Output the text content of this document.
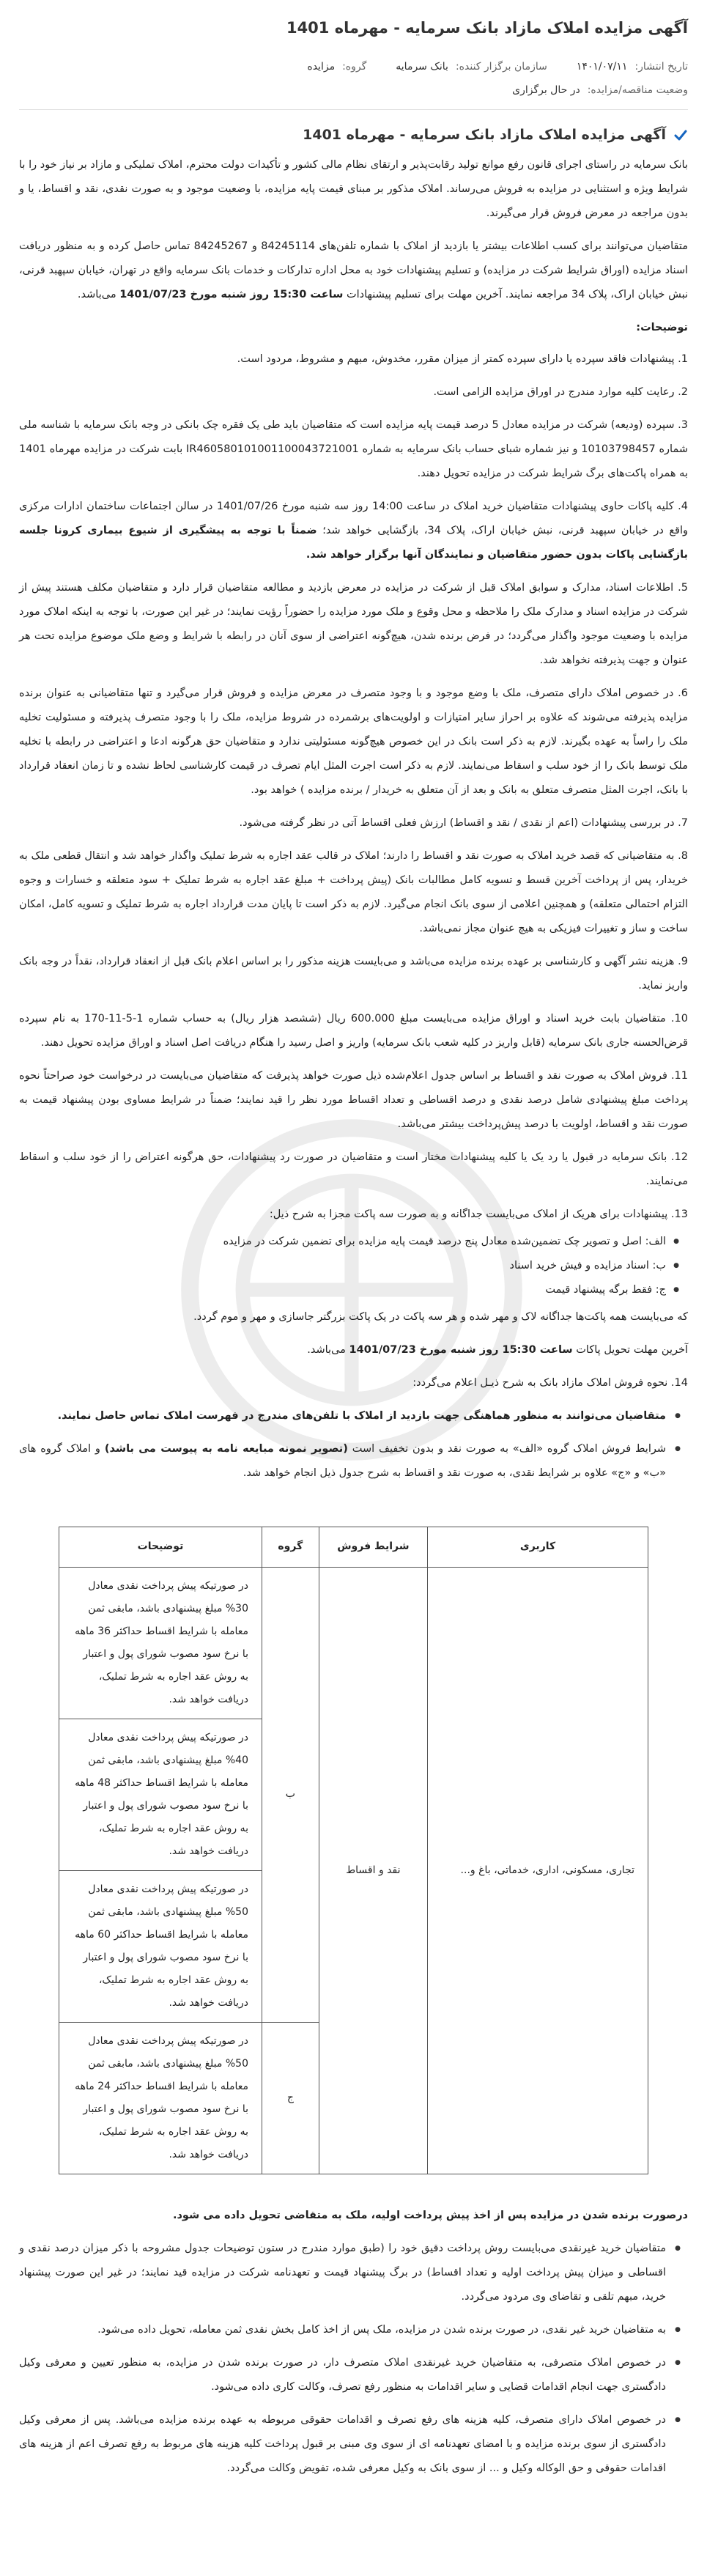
آگهی مزایده املاک مازاد بانک سرمایه - مهرماه 1401
تاریخ انتشار:
۱۴۰۱/۰۷/۱۱
سازمان برگزار کننده:
بانک سرمایه
گروه:
مزایده
وضعیت مناقصه/مزایده:
در حال برگزاری
آگهی مزایده املاک مازاد بانک سرمایه - مهرماه 1401

بانک سرمایه در راستای اجرای قانون رفع موانع تولید رقابت‌پذیر و ارتقای نظام مالی کشور و تأکیدات دولت محترم، املاک تملیکی و مازاد بر نیاز خود را با شرایط ویژه و استثنایی در مزایده به فروش می‌رساند. املاک مذکور بر مبنای قیمت پایه مزایده، با وضعیت موجود و به صورت نقدی، نقد و اقساط، یا و بدون مراجعه در معرض فروش قرار می‌گیرند.

متقاضیان می‌توانند برای کسب اطلاعات بیشتر یا بازدید از املاک با شماره تلفن‌های 84245114 و 84245267 تماس حاصل کرده و به منظور دریافت اسناد مزایده (اوراق شرایط شرکت در مزایده) و تسلیم پیشنهادات خود به محل اداره تدارکات و خدمات بانک سرمایه واقع در تهران، خیابان سپهبد قرنی، نبش خیابان اراک، پلاک 34 مراجعه نمایند. آخرین مهلت برای تسلیم پیشنهادات ساعت 15:30 روز شنبه مورخ 1401/07/23 می‌باشد.

توضیحات:

1. پیشنهادات فاقد سپرده یا دارای سپرده کمتر از میزان مقرر، مخدوش، مبهم و مشروط، مردود است.

2. رعایت کلیه موارد مندرج در اوراق مزایده الزامی است.

3. سپرده (ودیعه) شرکت در مزایده معادل 5 درصد قیمت پایه مزایده است که متقاضیان باید طی یک فقره چک بانکی در وجه بانک سرمایه با شناسه ملی شماره 10103798457 و نیز شماره شبای حساب بانک سرمایه به شماره IR460580101001100043721001 بابت شرکت در مزایده مهرماه 1401 به همراه پاکت‌های برگ شرایط شرکت در مزایده تحویل دهند.

4. کلیه پاکات حاوی پیشنهادات متقاضیان خرید املاک در ساعت 14:00 روز سه شنبه مورخ 1401/07/26 در سالن اجتماعات ساختمان ادارات مرکزی واقع در خیابان سپهبد قرنی، نبش خیابان اراک، پلاک 34، بازگشایی خواهد شد؛ ضمناً با توجه به پیشگیری از شیوع بیماری کرونا جلسه بازگشایی پاکات بدون حضور متقاضیان و نمایندگان آنها برگزار خواهد شد.

5. اطلاعات اسناد، مدارک و سوابق املاک قبل از شرکت در مزایده در معرض بازدید و مطالعه متقاضیان قرار دارد و متقاضیان مکلف هستند پیش از شرکت در مزایده اسناد و مدارک ملک را ملاحظه و محل وقوع و ملک مورد مزایده را حضوراً رؤیت نمایند؛ در غیر این صورت، با توجه به اینکه املاک مورد مزایده با وضعیت موجود واگذار می‌گردد؛ در فرض برنده شدن، هیچ‌گونه اعتراضی از سوی آنان در رابطه با شرایط و وضع ملک موضوع مزایده تحت هر عنوان و جهت پذیرفته نخواهد شد.

6. در خصوص املاک دارای متصرف، ملک با وضع موجود و با وجود متصرف در معرض مزایده و فروش قرار می‌گیرد و تنها متقاضیانی به عنوان برنده مزایده پذیرفته می‌شوند که علاوه بر احراز سایر امتیازات و اولویت‌های برشمرده در شروط مزایده، ملک را با وجود متصرف پذیرفته و مسئولیت تخلیه ملک را راساً به عهده بگیرند. لازم به ذکر است بانک در این خصوص هیچ‌گونه مسئولیتی ندارد و متقاضیان حق هرگونه ادعا و اعتراضی در رابطه با تخلیه ملک توسط بانک را از خود سلب و اسقاط می‌نمایند. لازم به ذکر است اجرت المثل ایام تصرف در قیمت کارشناسی لحاظ نشده و تا زمان انعقاد قرارداد با بانک، اجرت المثل متصرف متعلق به بانک و بعد از آن متعلق به خریدار / برنده مزایده ) خواهد بود.

7. در بررسی پیشنهادات (اعم از نقدی / نقد و اقساط) ارزش فعلی اقساط آتی در نظر گرفته می‌شود.

8. به متقاضیانی که قصد خرید املاک به صورت نقد و اقساط را دارند؛ املاک در قالب عقد اجاره به شرط تملیک واگذار خواهد شد و انتقال قطعی ملک به خریدار، پس از پرداخت آخرین قسط و تسویه کامل مطالبات بانک (پیش پرداخت + مبلغ عقد اجاره به شرط تملیک + سود متعلقه و خسارات و وجوه التزام احتمالی متعلقه) و همچنین اعلامی از سوی بانک انجام می‌گیرد. لازم به ذکر است تا پایان مدت قرارداد اجاره به شرط تملیک و تسویه کامل، امکان ساخت و ساز و تغییرات فیزیکی به هیچ عنوان مجاز نمی‌باشد.

9. هزینه نشر آگهی و کارشناسی بر عهده برنده مزایده می‌باشد و می‌بایست هزینه مذکور را بر اساس اعلام بانک قبل از انعقاد قرارداد، نقداً در وجه بانک واریز نماید.

10. متقاضیان بابت خرید اسناد و اوراق مزایده می‌بایست مبلغ 600.000 ریال (ششصد هزار ریال) به حساب شماره 1-5-11-170 به نام سپرده قرض‌الحسنه جاری بانک سرمایه (قابل واریز در کلیه شعب بانک سرمایه) واریز و اصل رسید را هنگام دریافت اصل اسناد و اوراق مزایده تحویل دهند.

11. فروش املاک به صورت نقد و اقساط بر اساس جدول اعلام‌شده ذیل صورت خواهد پذیرفت که متقاضیان می‌بایست در درخواست خود صراحتاً نحوه پرداخت مبلغ پیشنهادی شامل درصد نقدی و درصد اقساطی و تعداد اقساط مورد نظر را قید نمایند؛ ضمناً در شرایط مساوی بودن پیشنهاد قیمت به صورت نقد و اقساط، اولویت با درصد پیش‌پرداخت بیشتر می‌باشد.

12. بانک سرمایه در قبول یا رد یک یا کلیه پیشنهادات مختار است و متقاضیان در صورت رد پیشنهادات، حق هرگونه اعتراض را از خود سلب و اسقاط می‌نمایند.

13. پیشنهادات برای هریک از املاک می‌بایست جداگانه و به صورت سه پاکت مجزا به شرح ذیل:

● الف: اصل و تصویر چک تضمین‌شده معادل پنج درصد قیمت پایه مزایده برای تضمین شرکت در مزایده
● ب: اسناد مزایده و فیش خرید اسناد
● ج: فقط برگه پیشنهاد قیمت

که می‌بایست همه پاکت‌ها جداگانه لاک و مهر شده و هر سه پاکت در یک پاکت بزرگتر جاسازی و مهر و موم گردد.

آخرین مهلت تحویل پاکات ساعت 15:30 روز شنبه مورخ 1401/07/23 می‌باشد.

14. نحوه فروش املاک مازاد بانک به شرح ذیـل اعلام می‌گردد:

● متقاضیان می‌توانند به منظور هماهنگی جهت بازدید از املاک با تلفن‌های مندرج در فهرست املاک تماس حاصل نمایند.
● شرایط فروش املاک گروه «الف» به صورت نقد و بدون تخفیف است (تصویر نمونه مبایعه نامه به پیوست می باشد) و املاک گروه های «ب» و «ج» علاوه بر شرایط نقدی، به صورت نقد و اقساط به شرح جدول ذیل انجام خواهد شد.
کاربری	شرایط فروش	گروه	توضیحات
تجاری، مسکونی، اداری، خدماتی، باغ و...	نقد و اقساط	ب	در صورتیکه پیش پرداخت نقدی معادل 30% مبلغ پیشنهادی باشد، مابقی ثمن معامله با شرایط اقساط حداکثر 36 ماهه با نرخ سود مصوب شورای پول و اعتبار به روش عقد اجاره به شرط تملیک، دریافت خواهد شد.
			در صورتیکه پیش پرداخت نقدی معادل 40% مبلغ پیشنهادی باشد، مابقی ثمن معامله با شرایط اقساط حداکثر 48 ماهه با نرخ سود مصوب شورای پول و اعتبار به روش عقد اجاره به شرط تملیک، دریافت خواهد شد.
			در صورتیکه پیش پرداخت نقدی معادل 50% مبلغ پیشنهادی باشد، مابقی ثمن معامله با شرایط اقساط حداکثر 60 ماهه با نرخ سود مصوب شورای پول و اعتبار به روش عقد اجاره به شرط تملیک، دریافت خواهد شد.
		ج	در صورتیکه پیش پرداخت نقدی معادل 50% مبلغ پیشنهادی باشد، مابقی ثمن معامله با شرایط اقساط حداکثر 24 ماهه با نرخ سود مصوب شورای پول و اعتبار به روش عقد اجاره به شرط تملیک، دریافت خواهد شد.
درصورت برنده شدن در مزایده پس از اخذ پیش پرداخت اولیه، ملک به متقاضی تحویل داده می شود.
● متقاضیان خرید غیرنقدی می‌بایست روش پرداخت دقیق خود را (طبق موارد مندرج در ستون توضیحات جدول مشروحه با ذکر میزان درصد نقدی و اقساطی و میزان پیش پرداخت اولیه و تعداد اقساط) در برگ پیشنهاد قیمت و تعهدنامه شرکت در مزایده قید نمایند؛ در غیر این صورت پیشنهاد خرید، مبهم تلقی و تقاضای وی مردود می‌گردد.
● به متقاضیان خرید غیر نقدی، در صورت برنده شدن در مزایده، ملک پس از اخذ کامل بخش نقدی ثمن معامله، تحویل داده می‌شود.
● در خصوص املاک متصرفی، به متقاضیان خرید غیرنقدی املاک متصرف دار، در صورت برنده شدن در مزایده، به منظور تعیین و معرفی وکیل دادگستری جهت انجام اقدامات قضایی و سایر اقدامات به منظور رفع تصرف، وکالت کاری داده می‌شود.
● در خصوص املاک دارای متصرف، کلیه هزینه های رفع تصرف و اقدامات حقوقی مربوطه به عهده برنده مزایده می‌باشد. پس از معرفی وکیل دادگستری از سوی برنده مزایده و با امضای تعهدنامه ای از سوی وی مبنی بر قبول پرداخت کلیه هزینه های مربوط به رفع تصرف اعم از هزینه های اقدامات حقوقی و حق الوکاله وکیل و ... از سوی بانک به وکیل معرفی شده، تفویض وکالت می‌گردد.
